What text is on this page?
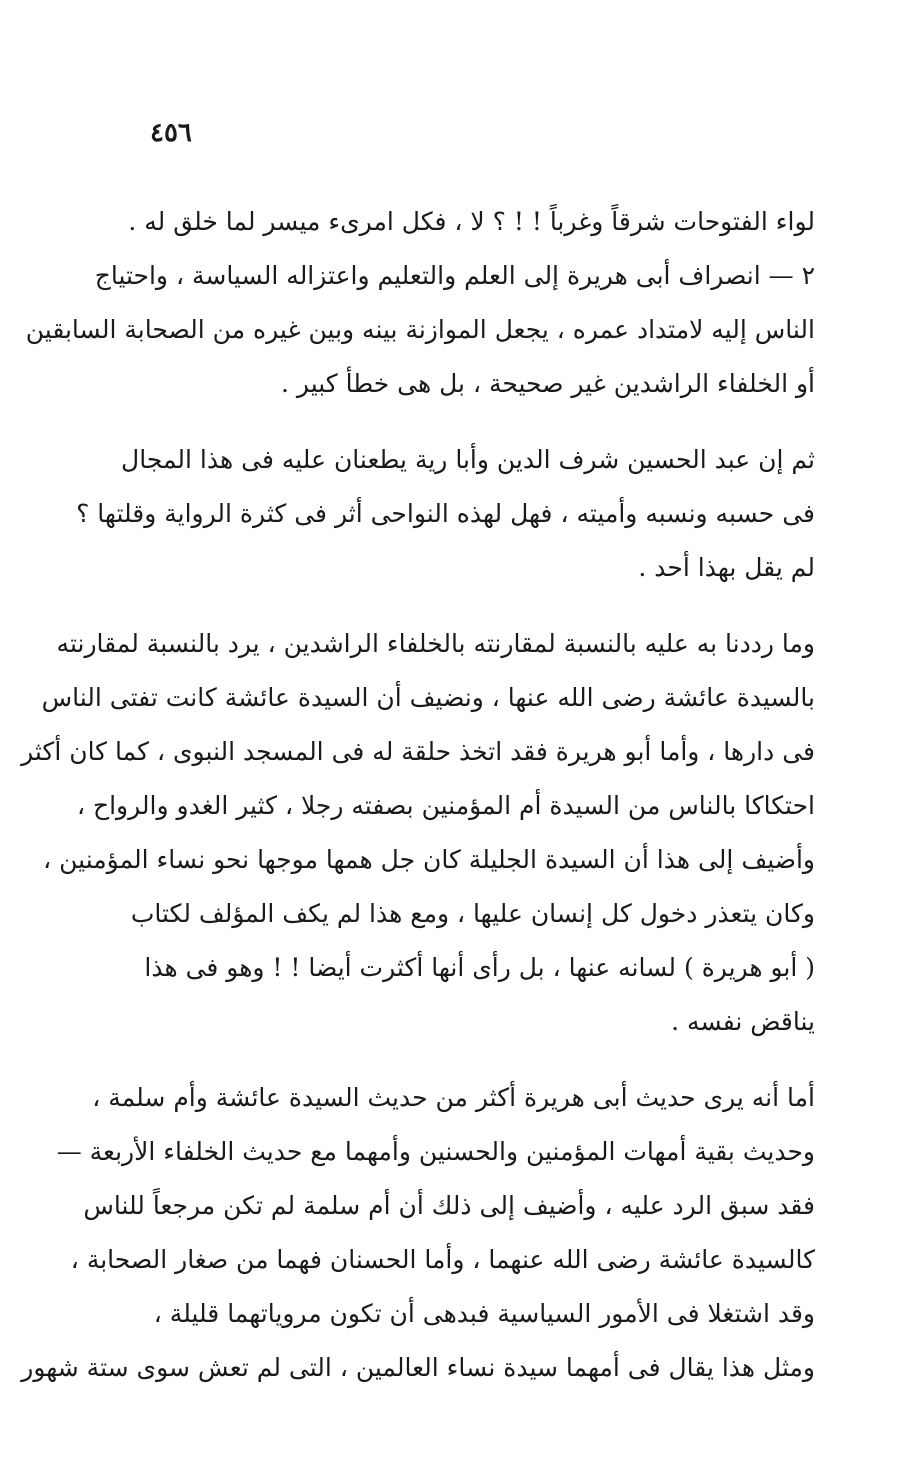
٤٥٦
لواء الفتوحات شرقاً وغرباً ! ! ؟ لا ، فكل امرىء ميسر لما خلق له .
٢ — انصراف أبى هريرة إلى العلم والتعليم واعتزاله السياسة ، واحتياج
الناس إليه لامتداد عمره ، يجعل الموازنة بينه وبين غيره من الصحابة السابقين
أو الخلفاء الراشدين غير صحيحة ، بل هى خطأ كبير .
ثم إن عبد الحسين شرف الدين وأبا رية يطعنان عليه فى هذا المجال
فى حسبه ونسبه وأميته ، فهل لهذه النواحى أثر فى كثرة الرواية وقلتها ؟
لم يقل بهذا أحد .
وما رددنا به عليه بالنسبة لمقارنته بالخلفاء الراشدين ، يرد بالنسبة لمقارنته
بالسيدة عائشة رضى الله عنها ، ونضيف أن السيدة عائشة كانت تفتى الناس
فى دارها ، وأما أبو هريرة فقد اتخذ حلقة له فى المسجد النبوى ، كما كان أكثر
احتكاكا بالناس من السيدة أم المؤمنين بصفته رجلا ، كثير الغدو والرواح ،
وأضيف إلى هذا أن السيدة الجليلة كان جل همها موجها نحو نساء المؤمنين ،
وكان يتعذر دخول كل إنسان عليها ، ومع هذا لم يكف المؤلف لكتاب
( أبو هريرة ) لسانه عنها ، بل رأى أنها أكثرت أيضا ! ! وهو فى هذا
يناقض نفسه .
أما أنه يرى حديث أبى هريرة أكثر من حديث السيدة عائشة وأم سلمة ،
وحديث بقية أمهات المؤمنين والحسنين وأمهما مع حديث الخلفاء الأربعة —
فقد سبق الرد عليه ، وأضيف إلى ذلك أن أم سلمة لم تكن مرجعاً للناس
كالسيدة عائشة رضى الله عنهما ، وأما الحسنان فهما من صغار الصحابة ،
وقد اشتغلا فى الأمور السياسية فبدهى أن تكون مروياتهما قليلة ،
ومثل هذا يقال فى أمهما سيدة نساء العالمين ، التى لم تعش سوى ستة شهور
